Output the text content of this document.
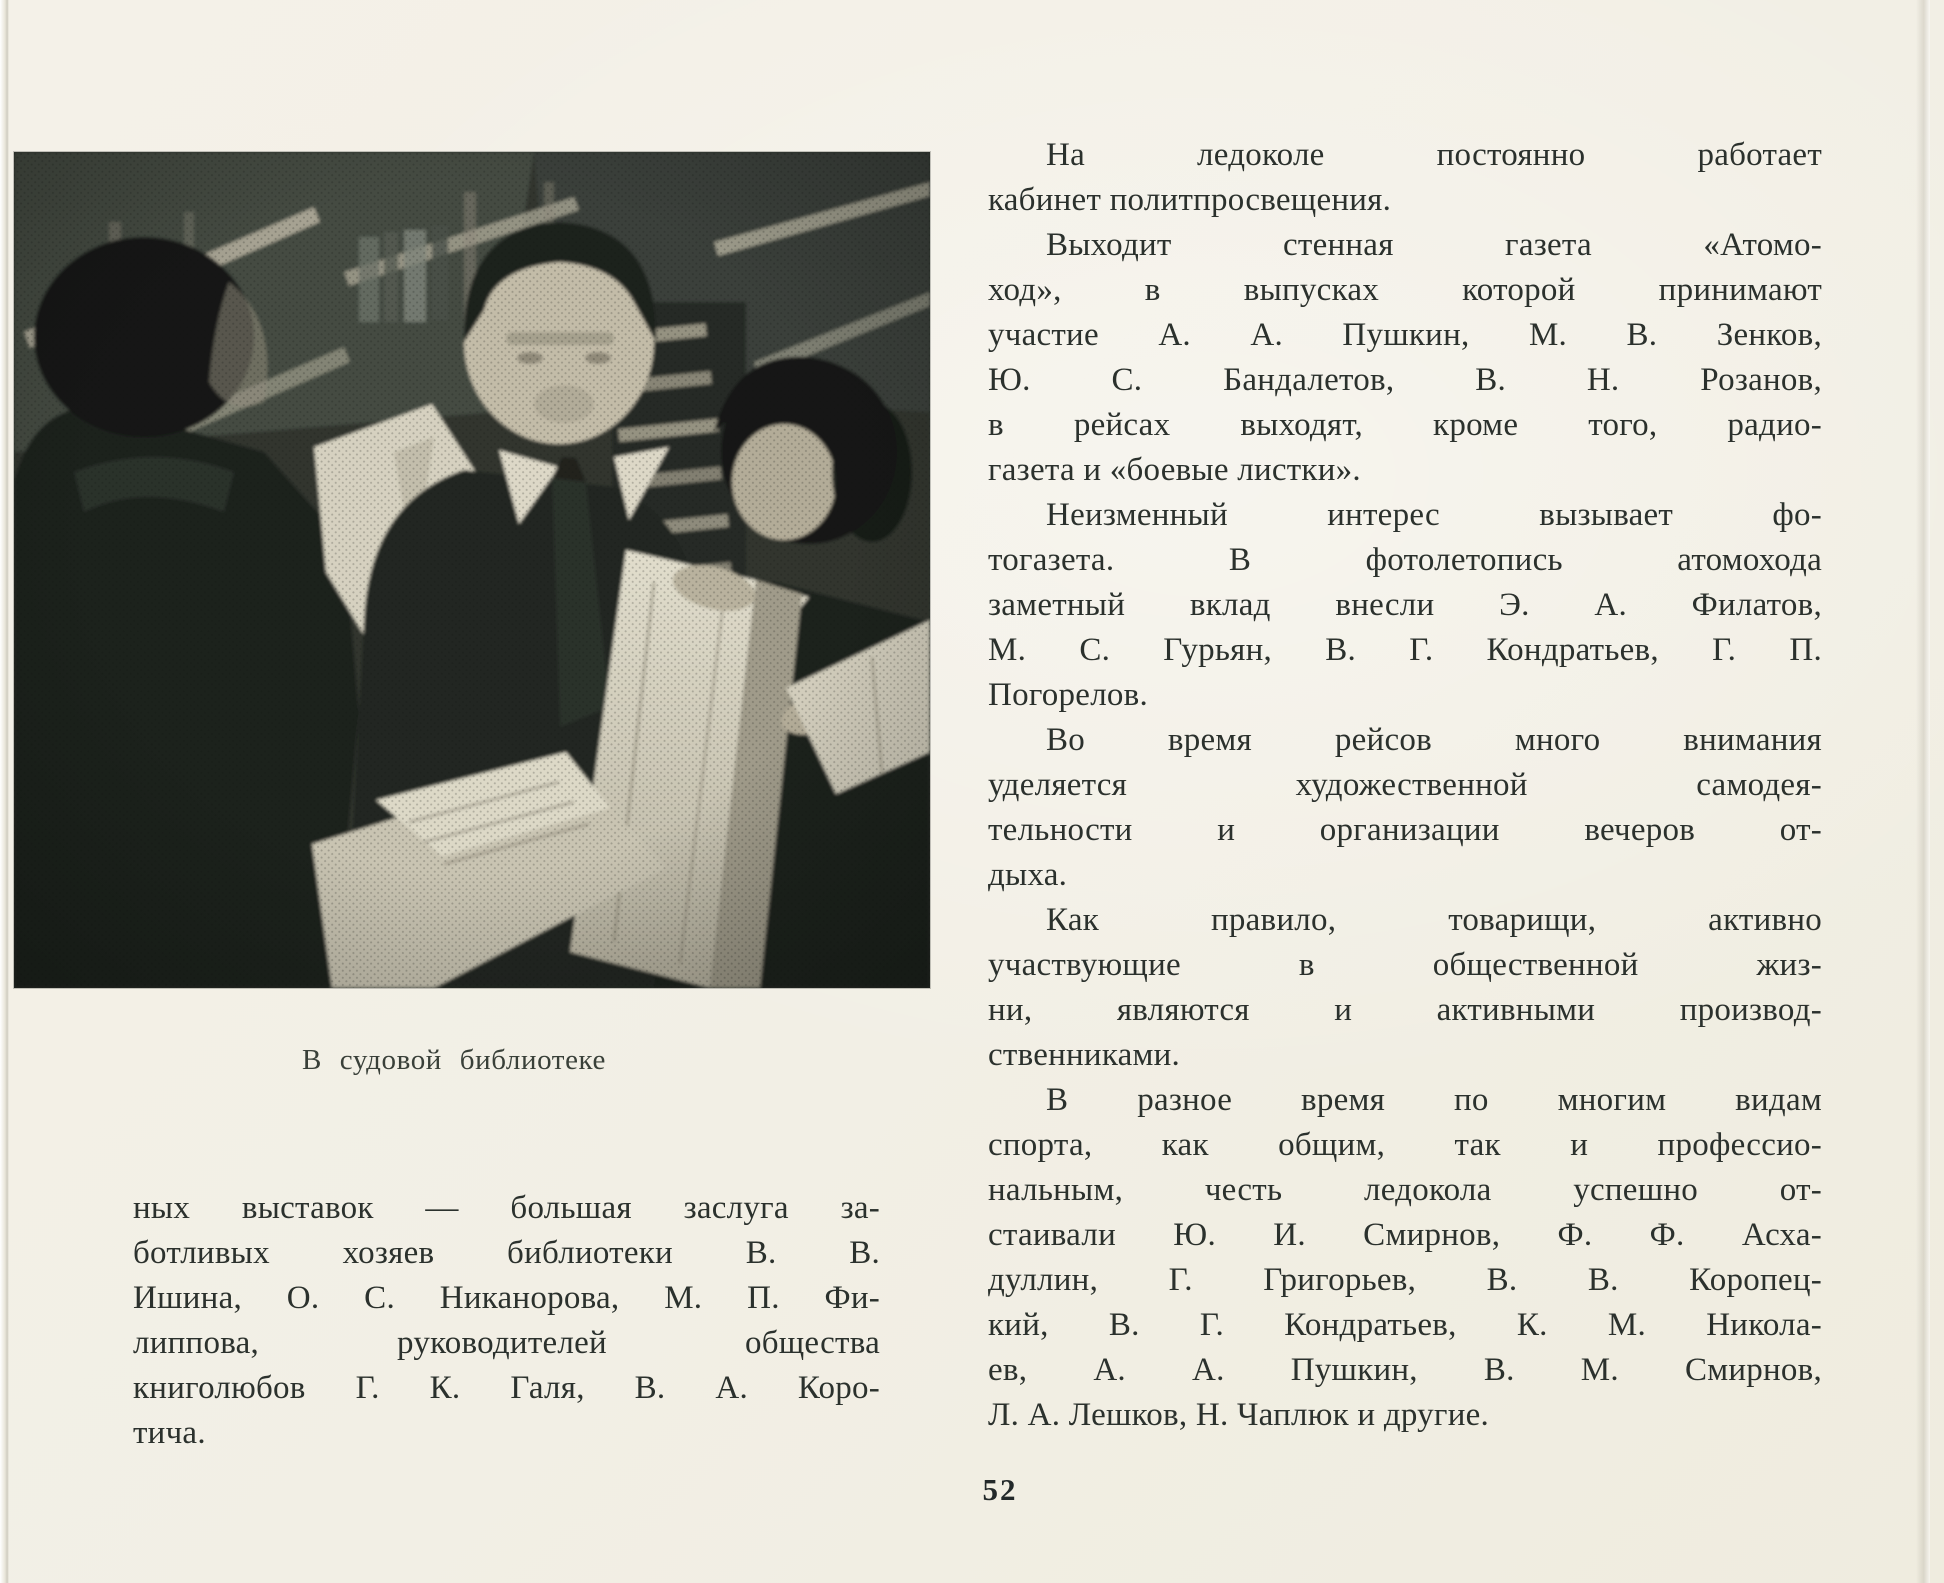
В судовой библиотеке
ных выставок — большая заслуга за-
ботливых хозяев библиотеки В. В.
Ишина, О. С. Никанорова, М. П. Фи-
липпова, руководителей общества
книголюбов Г. К. Галя, В. А. Коро-
тича.
На ледоколе постоянно работает
кабинет политпросвещения.
Выходит стенная газета «Атомо-
ход», в выпусках которой принимают
участие А. А. Пушкин, М. В. Зенков,
Ю. С. Бандалетов, В. Н. Розанов,
в рейсах выходят, кроме того, радио-
газета и «боевые листки».
Неизменный интерес вызывает фо-
тогазета. В фотолетопись атомохода
заметный вклад внесли Э. А. Филатов,
М. С. Гурьян, В. Г. Кондратьев, Г. П.
Погорелов.
Во время рейсов много внимания
уделяется художественной самодея-
тельности и организации вечеров от-
дыха.
Как правило, товарищи, активно
участвующие в общественной жиз-
ни, являются и активными производ-
ственниками.
В разное время по многим видам
спорта, как общим, так и профессио-
нальным, честь ледокола успешно от-
стаивали Ю. И. Смирнов, Ф. Ф. Асха-
дуллин, Г. Григорьев, В. В. Коропец-
кий, В. Г. Кондратьев, К. М. Никола-
ев, А. А. Пушкин, В. М. Смирнов,
Л. А. Лешков, Н. Чаплюк и другие.
52
